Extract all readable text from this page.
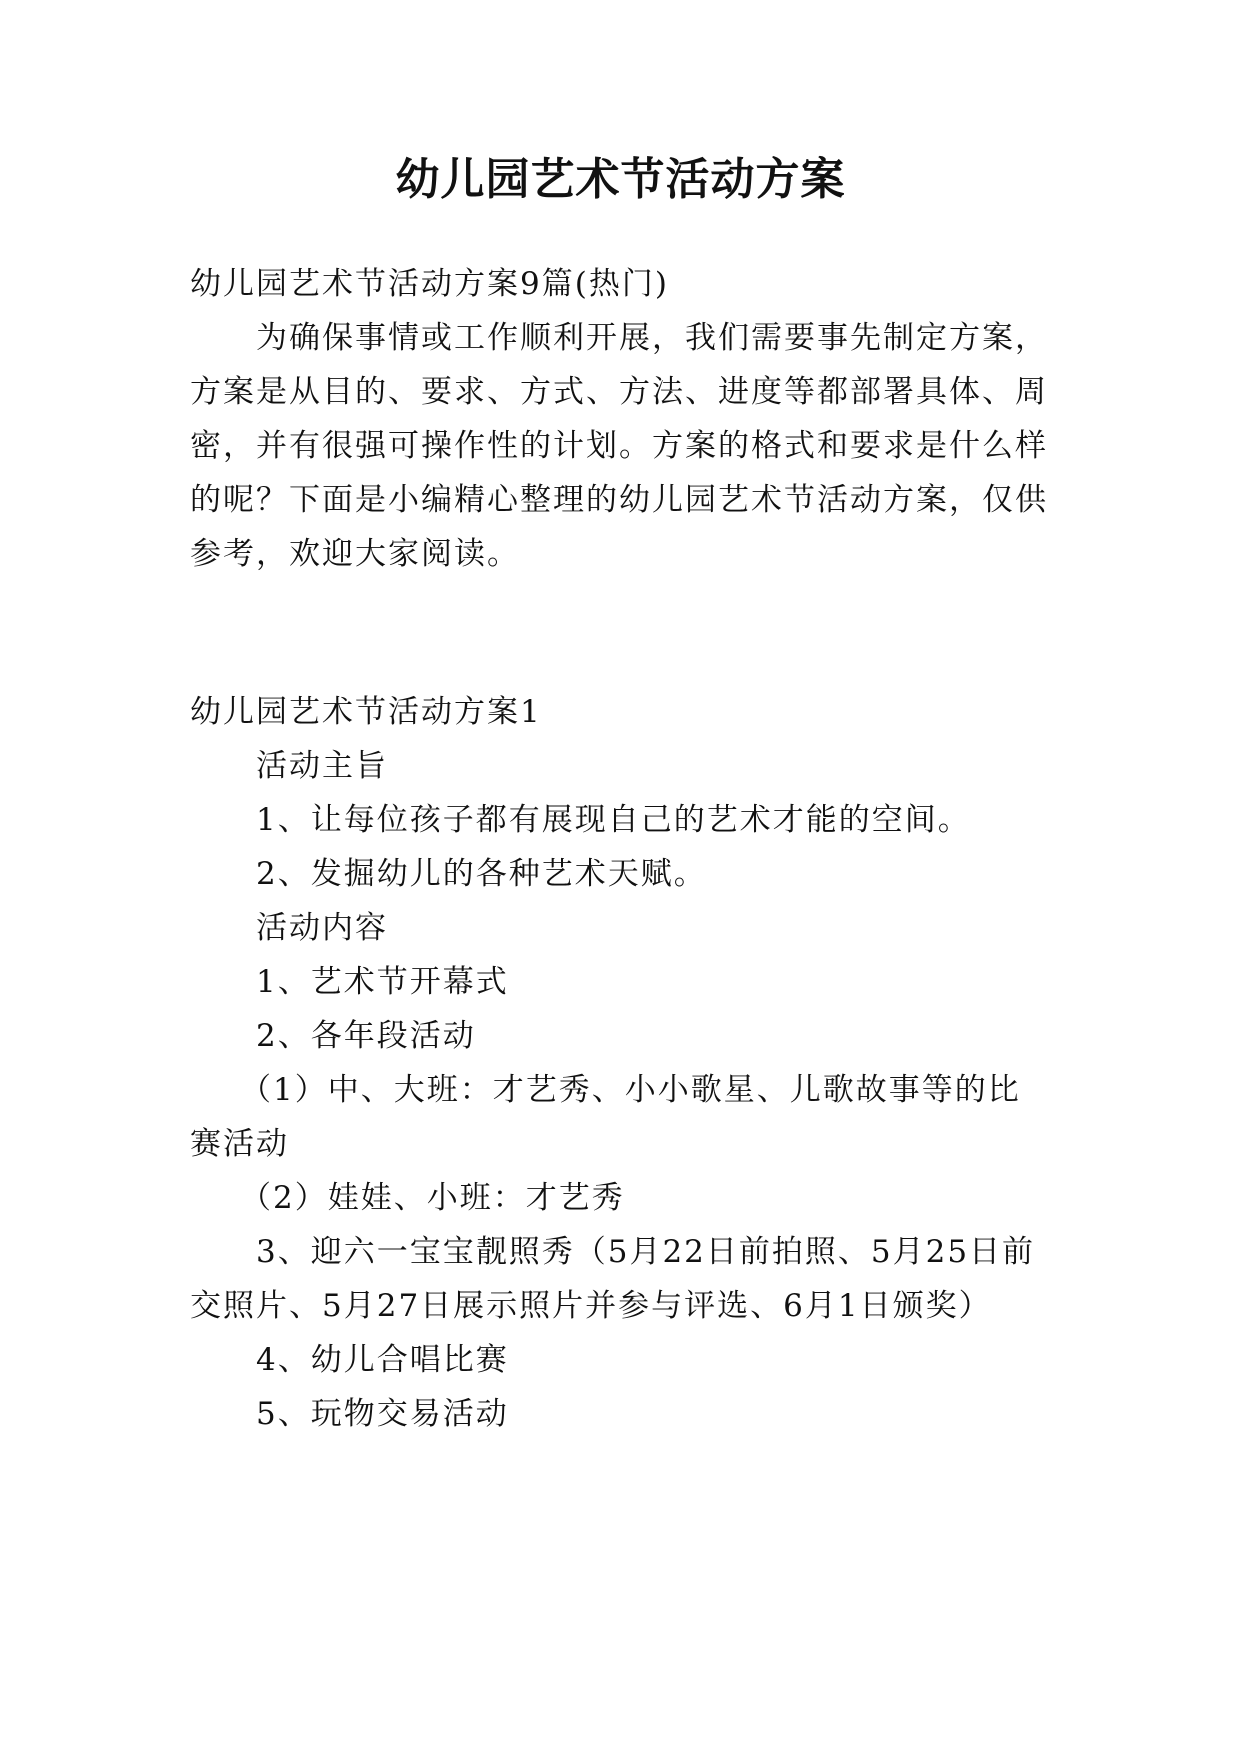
幼儿园艺术节活动方案
幼儿园艺术节活动方案9篇(热门)
为确保事情或工作顺利开展，我们需要事先制定方案，
方案是从目的、要求、方式、方法、进度等都部署具体、周
密，并有很强可操作性的计划。方案的格式和要求是什么样
的呢？下面是小编精心整理的幼儿园艺术节活动方案，仅供
参考，欢迎大家阅读。
幼儿园艺术节活动方案1
活动主旨
1、让每位孩子都有展现自己的艺术才能的空间。
2、发掘幼儿的各种艺术天赋。
活动内容
1、艺术节开幕式
2、各年段活动
（1）中、大班：才艺秀、小小歌星、儿歌故事等的比
赛活动
（2）娃娃、小班：才艺秀
3、迎六一宝宝靓照秀（5月22日前拍照、5月25日前
交照片、5月27日展示照片并参与评选、6月1日颁奖）
4、幼儿合唱比赛
5、玩物交易活动
